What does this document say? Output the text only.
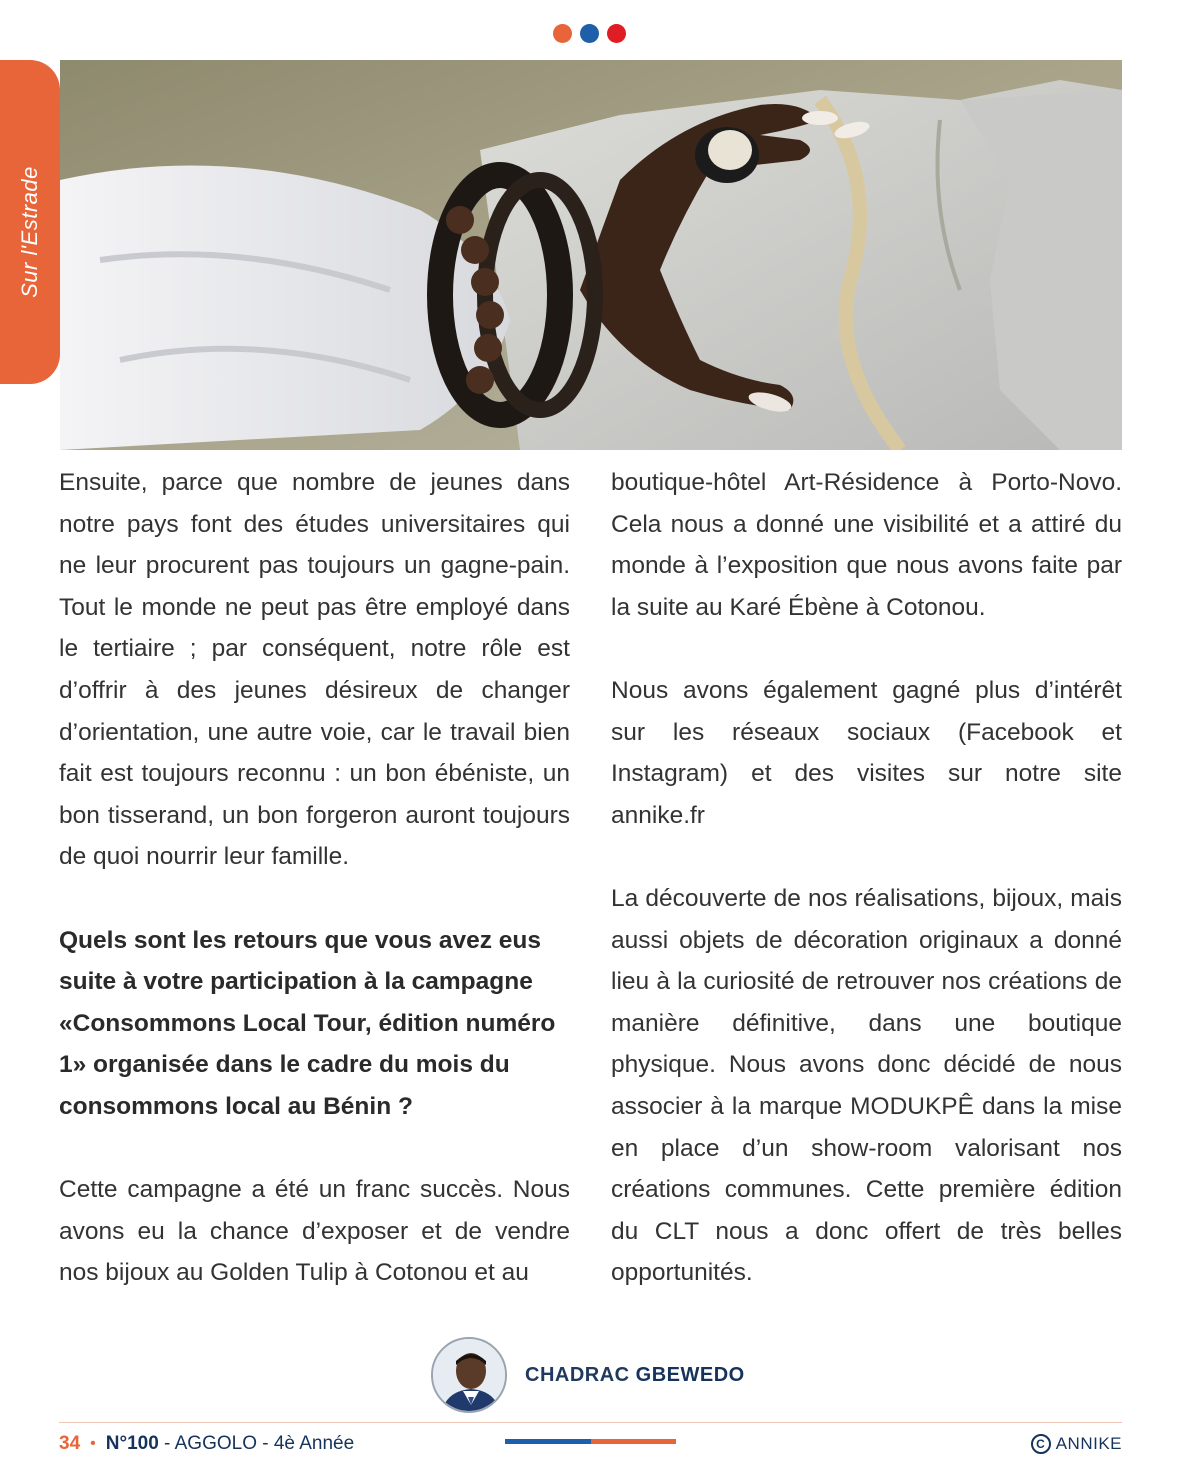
Sur l'Estrade

Ensuite, parce que nombre de jeunes dans notre pays font des études universitaires qui ne leur procurent pas toujours un gagne-pain. Tout le monde ne peut pas être employé dans le tertiaire ; par conséquent, notre rôle est d’offrir à des jeunes désireux de changer d’orientation, une autre voie, car le travail bien fait est toujours reconnu : un bon ébéniste, un bon tisserand, un bon forgeron auront toujours de quoi nourrir leur famille.

Quels sont les retours que vous avez eus suite à votre participation à la campagne «Consommons Local Tour, édition numéro 1» organisée dans le cadre du mois du consommons local au Bénin ?

Cette campagne a été un franc succès. Nous avons eu la chance d’exposer et de vendre nos bijoux au Golden Tulip à Cotonou et au

boutique-hôtel Art-Résidence à Porto-Novo. Cela nous a donné une visibilité et a attiré du monde à l’exposition que nous avons faite par la suite au Karé Ébène à Cotonou.

Nous avons également gagné plus d’intérêt sur les réseaux sociaux (Facebook et Instagram) et des visites sur notre site annike.fr

La découverte de nos réalisations, bijoux, mais aussi objets de décoration originaux a donné lieu à la curiosité de retrouver nos créations de manière définitive, dans une boutique physique. Nous avons donc décidé de nous associer à la marque MODUKPÊ dans la mise en place d’un show-room valorisant nos créations communes. Cette première édition du CLT nous a donc offert de très belles opportunités.

CHADRAC GBEWEDO
34 • N°100 - AGGOLO - 4è Année	C ANNIKE
